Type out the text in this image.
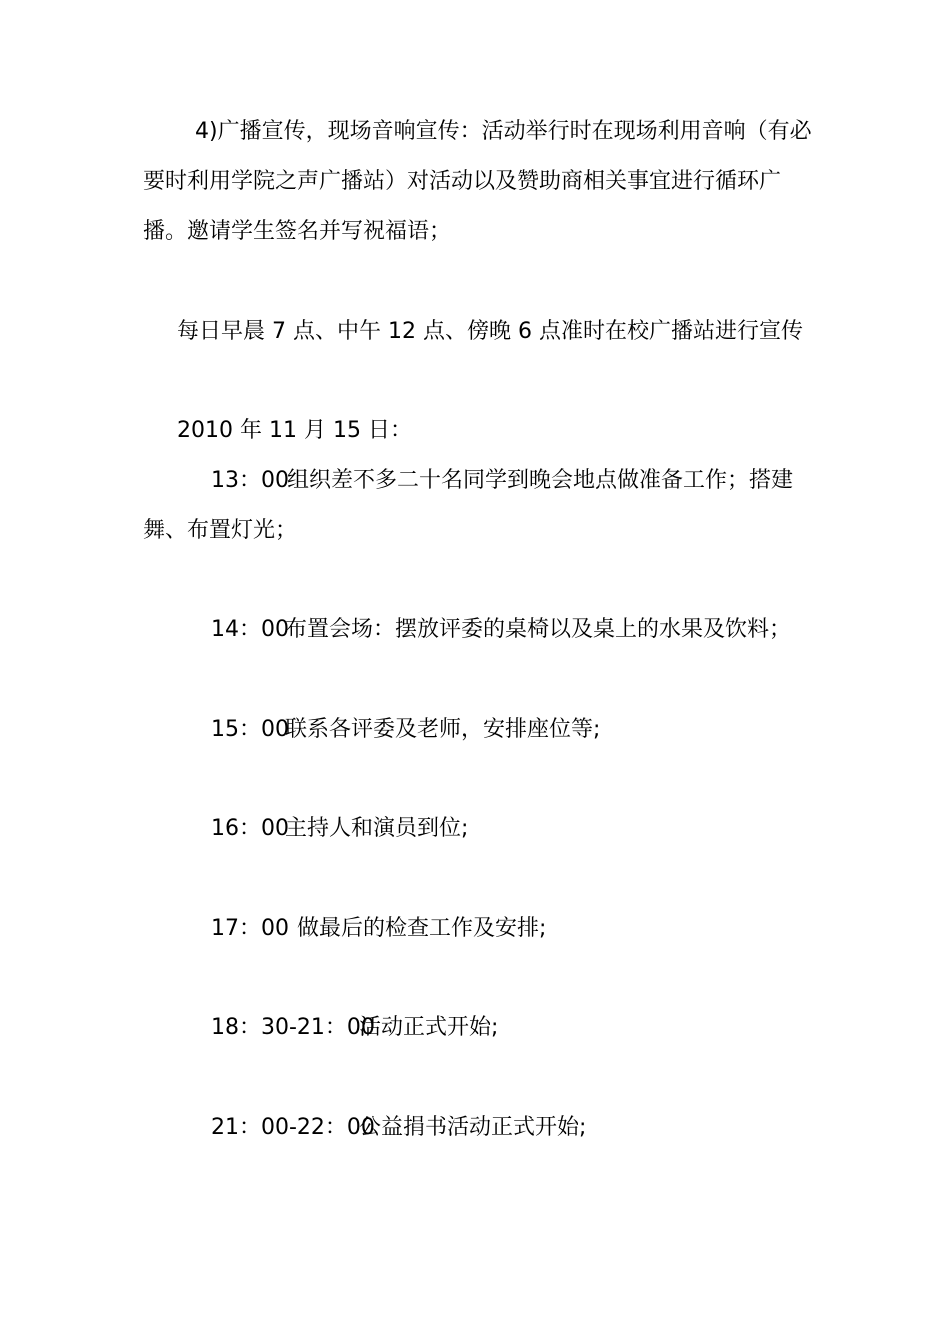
4)广播宣传，现场音响宣传：活动举行时在现场利用音响（有必要时利用学院之声广播站）对活动以及赞助商相关事宜进行循环广播。邀请学生签名并写祝福语；

每日早晨 7 点、中午 12 点、傍晚 6 点准时在校广播站进行宣传

2010 年 11 月 15 日：

13：00组织差不多二十名同学到晚会地点做准备工作；搭建舞、布置灯光；

14：00布置会场：摆放评委的桌椅以及桌上的水果及饮料；

15：00联系各评委及老师，安排座位等;

16：00主持人和演员到位;

17：00 做最后的检查工作及安排;

18：30-21：00活动正式开始;

21：00-22：00公益捐书活动正式开始;
